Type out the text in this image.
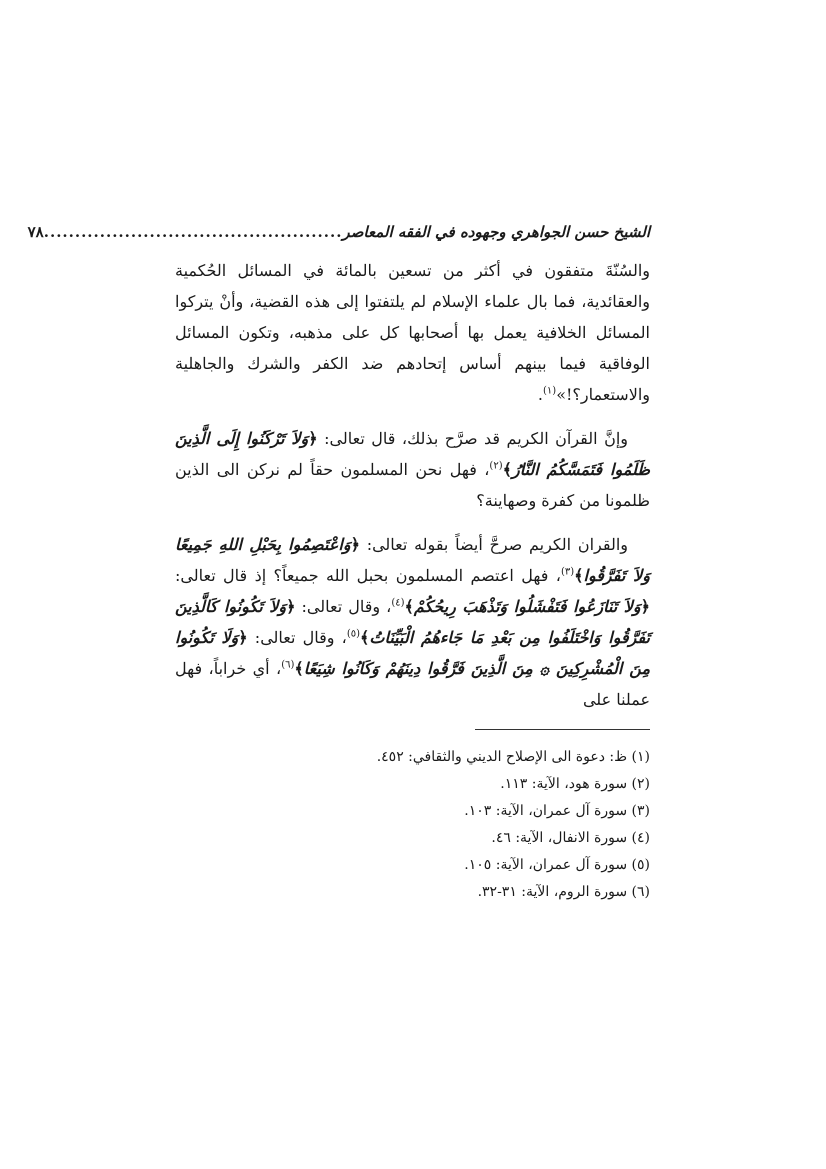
الشيخ حسن الجواهري وجهوده في الفقه المعاصر
................................................
٧٨

والسُنّةَ متفقون في أكثر من تسعين بالمائة في المسائل الحُكمية والعقائدية، فما بال علماء الإسلام لم يلتفتوا إلى هذه القضية، وأنْ يتركوا المسائل الخلافية يعمل بها أصحابها كل على مذهبه، وتكون المسائل الوفاقية فيما بينهم أساس إتحادهم ضد الكفر والشرك والجاهلية والاستعمار؟!»$^{(١)}$.

وإنَّ القرآن الكريم قد صرَّح بذلك، قال تعالى: ﴿وَلاَ تَرْكَنُوا إِلَى الَّذِينَ ظَلَمُوا فَتَمَسَّكُمُ النَّارُ﴾$^{(٢)}$، فهل نحن المسلمون حقاً لم نركن الى الذين ظلمونا من كفرة وصهاينة؟

والقران الكريم صرحَّ أيضاً بقوله تعالى: ﴿وَاعْتَصِمُوا بِحَبْلِ اللهِ جَمِيعًا وَلاَ تَفَرَّقُوا﴾$^{(٣)}$، فهل اعتصم المسلمون بحبل الله جميعاً؟ إذ قال تعالى: ﴿وَلاَ تَنَازَعُوا فَتَفْشَلُوا وَتَذْهَبَ رِيحُكُمْ﴾$^{(٤)}$، وقال تعالى: ﴿وَلاَ تَكُونُوا كَالَّذِينَ تَفَرَّقُوا وَاخْتَلَفُوا مِن بَعْدِ مَا جَاءهُمُ الْبَيِّنَاتُ﴾$^{(٥)}$، وقال تعالى: ﴿وَلَا تَكُونُوا مِنَ الْمُشْرِكِينَ ۞ مِنَ الَّذِينَ فَرَّقُوا دِينَهُمْ وَكَانُوا شِيَعًا﴾$^{(٦)}$، أي خراباً، فهل عملنا على

(١) ظ: دعوة الى الإصلاح الديني والثقافي: ٤٥٢.

(٢) سورة هود، الآية: ١١٣.

(٣) سورة آل عمران، الآية: ١٠٣.

(٤) سورة الانفال، الآية: ٤٦.

(٥) سورة آل عمران، الآية: ١٠٥.

(٦) سورة الروم، الآية: ٣١-٣٢.
